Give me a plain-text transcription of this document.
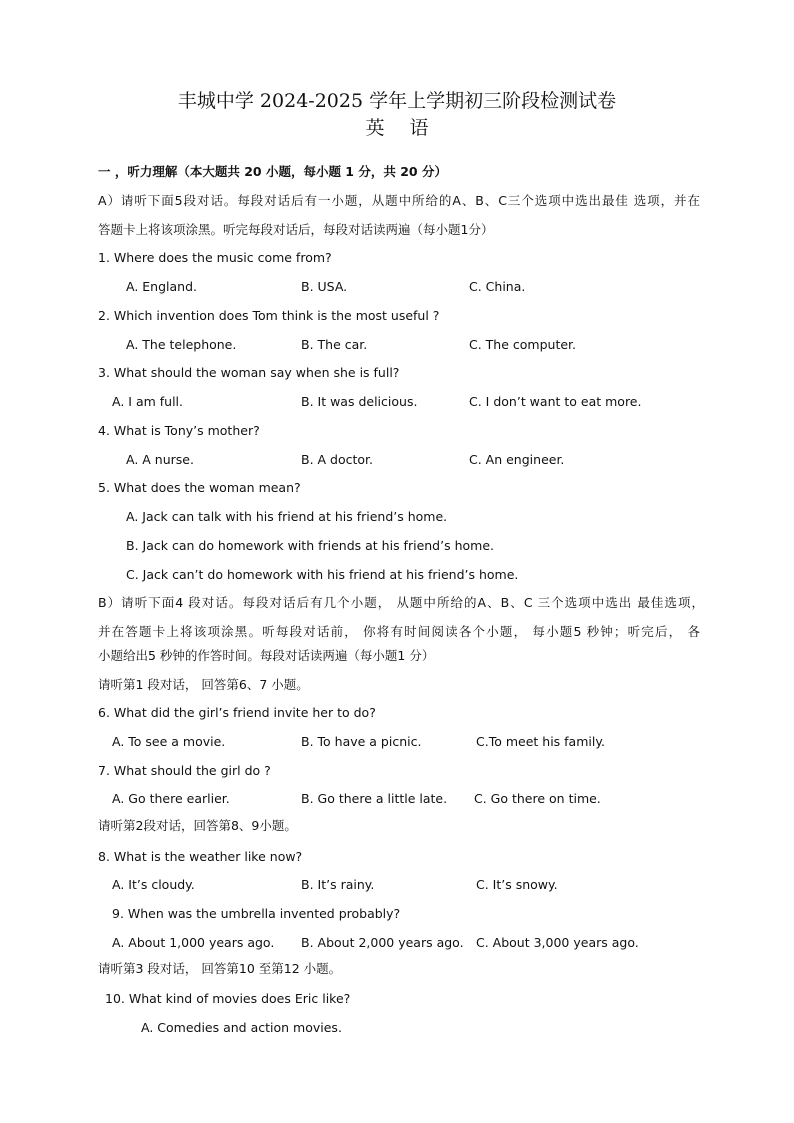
丰城中学 2024-2025 学年上学期初三阶段检测试卷
英　 语
一 ，听力理解（本大题共 20 小题，每小题 1 分，共 20 分）
A）请听下面5段对话。每段对话后有一小题，从题中所给的A、B、C三个选项中选出最佳 选项，并在
答题卡上将该项涂黑。听完每段对话后，每段对话读两遍（每小题1分）
1. Where does the music come from?
A. England.	B. USA.	C. China.
2. Which invention does Tom think is the most useful ?
A. The telephone.	B. The car.	C. The computer.
3. What should the woman say when she is full?
A. I am full.	B. It was delicious.	C. I don’t want to eat more.
4. What is Tony’s mother?
A. A nurse.	B. A doctor.	C. An engineer.
5. What does the woman mean?
A. Jack can talk with his friend at his friend’s home.
B. Jack can do homework with friends at his friend’s home.
C. Jack can’t do homework with his friend at his friend’s home.
B）请听下面4 段对话。每段对话后有几个小题， 从题中所给的A、B、C 三个选项中选出 最佳选项，
并在答题卡上将该项涂黑。听每段对话前， 你将有时间阅读各个小题， 每小题5 秒钟；听完后， 各
小题给出5 秒钟的作答时间。每段对话读两遍（每小题1 分）
请听第1 段对话， 回答第6、7 小题。
6. What did the girl’s friend invite her to do?
A. To see a movie.	B. To have a picnic.	C.To meet his family.
7. What should the girl do ?
A. Go there earlier.	B. Go there a little late. C. Go there on time.
请听第2段对话，回答第8、9小题。
8. What is the weather like now?
A. It’s cloudy.	B. It’s rainy.	C. It’s snowy.
9. When was the umbrella invented probably?
A. About 1,000 years ago. B. About 2,000 years ago. C. About 3,000 years ago.
请听第3 段对话， 回答第10 至第12 小题。
10. What kind of movies does Eric like?
A. Comedies and action movies.
